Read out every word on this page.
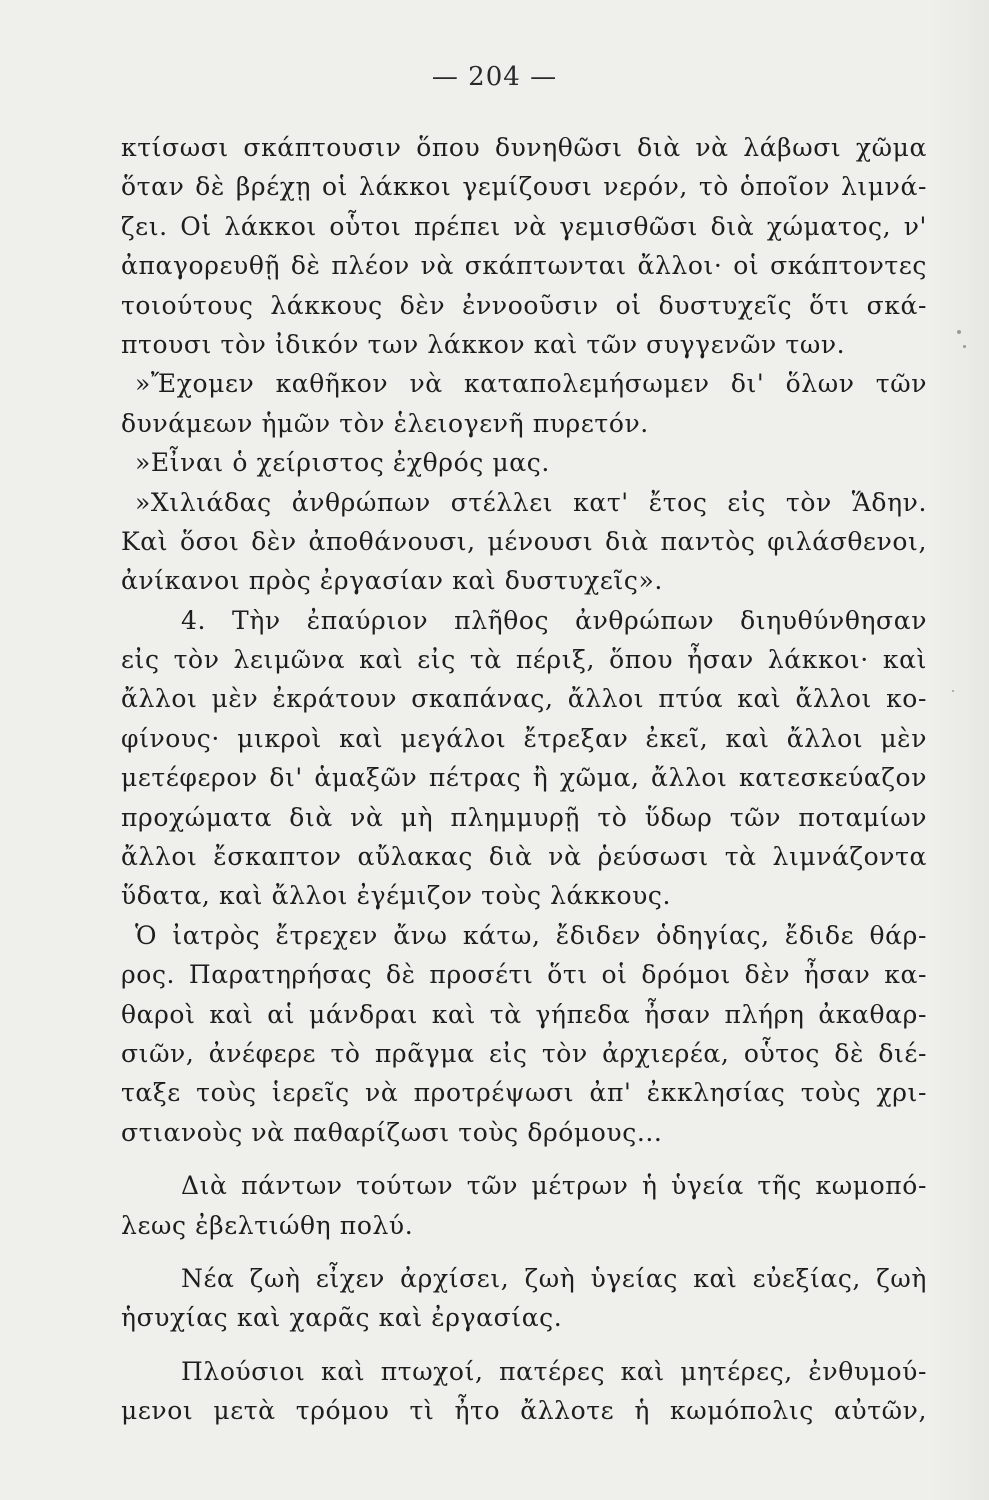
— 204 —
κτίσωσι σκάπτουσιν ὅπου δυνηθῶσι διὰ νὰ λάβωσι χῶμα
ὅταν δὲ βρέχῃ οἱ λάκκοι γεμίζουσι νερόν, τὸ ὁποῖον λιμνά-
ζει. Οἱ λάκκοι οὗτοι πρέπει νὰ γεμισθῶσι διὰ χώματος, ν'
ἀπαγορευθῇ δὲ πλέον νὰ σκάπτωνται ἄλλοι· οἱ σκάπτοντες
τοιούτους λάκκους δὲν ἐννοοῦσιν οἱ δυστυχεῖς ὅτι σκά-
πτουσι τὸν ἰδικόν των λάκκον καὶ τῶν συγγενῶν των.
»Ἔχομεν καθῆκον νὰ καταπολεμήσωμεν δι' ὅλων τῶν
δυνάμεων ἡμῶν τὸν ἑλειογενῆ πυρετόν.
»Εἶναι ὁ χείριστος ἐχθρός μας.
»Χιλιάδας ἀνθρώπων στέλλει κατ' ἔτος εἰς τὸν Ἅδην.
Καὶ ὅσοι δὲν ἀποθάνουσι, μένουσι διὰ παντὸς φιλάσθενοι,
ἀνίκανοι πρὸς ἐργασίαν καὶ δυστυχεῖς».
4. Τὴν ἐπαύριον πλῆθος ἀνθρώπων διηυθύνθησαν
εἰς τὸν λειμῶνα καὶ εἰς τὰ πέριξ, ὅπου ἦσαν λάκκοι· καὶ
ἄλλοι μὲν ἐκράτουν σκαπάνας, ἄλλοι πτύα καὶ ἄλλοι κο-
φίνους· μικροὶ καὶ μεγάλοι ἔτρεξαν ἐκεῖ, καὶ ἄλλοι μὲν
μετέφερον δι' ἁμαξῶν πέτρας ἢ χῶμα, ἄλλοι κατεσκεύαζον
προχώματα διὰ νὰ μὴ πλημμυρῇ τὸ ὕδωρ τῶν ποταμίων
ἄλλοι ἔσκαπτον αὔλακας διὰ νὰ ῥεύσωσι τὰ λιμνάζοντα
ὕδατα, καὶ ἄλλοι ἐγέμιζον τοὺς λάκκους.
Ὁ ἰατρὸς ἔτρεχεν ἄνω κάτω, ἔδιδεν ὁδηγίας, ἔδιδε θάρ-
ρος. Παρατηρήσας δὲ προσέτι ὅτι οἱ δρόμοι δὲν ἦσαν κα-
θαροὶ καὶ αἱ μάνδραι καὶ τὰ γήπεδα ἦσαν πλήρη ἀκαθαρ-
σιῶν, ἀνέφερε τὸ πρᾶγμα εἰς τὸν ἀρχιερέα, οὗτος δὲ διέ-
ταξε τοὺς ἱερεῖς νὰ προτρέψωσι ἀπ' ἐκκλησίας τοὺς χρι-
στιανοὺς νὰ παθαρίζωσι τοὺς δρόμους...
Διὰ πάντων τούτων τῶν μέτρων ἡ ὑγεία τῆς κωμοπό-
λεως ἐβελτιώθη πολύ.
Νέα ζωὴ εἶχεν ἀρχίσει, ζωὴ ὑγείας καὶ εὐεξίας, ζωὴ
ἡσυχίας καὶ χαρᾶς καὶ ἐργασίας.
Πλούσιοι καὶ πτωχοί, πατέρες καὶ μητέρες, ἐνθυμού-
μενοι μετὰ τρόμου τὶ ἦτο ἄλλοτε ἡ κωμόπολις αὐτῶν,
